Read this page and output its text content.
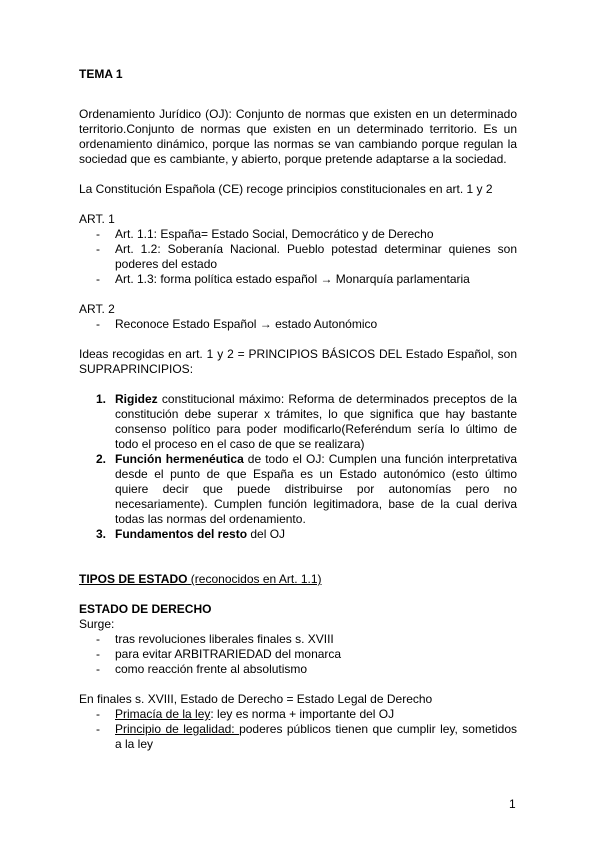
TEMA 1

Ordenamiento Jurídico (OJ): Conjunto de normas que existen en un determinado territorio.Conjunto de normas que existen en un determinado territorio. Es un ordenamiento dinámico, porque las normas se van cambiando porque regulan la sociedad que es cambiante, y abierto, porque pretende adaptarse a la sociedad.

La Constitución Española (CE) recoge principios constitucionales en art. 1 y 2

ART. 1

- Art. 1.1: España= Estado Social, Democrático y de Derecho
- Art. 1.2: Soberanía Nacional. Pueblo potestad determinar quienes son poderes del estado
- Art. 1.3: forma política estado español → Monarquía parlamentaria

ART. 2

- Reconoce Estado Español → estado Autonómico

Ideas recogidas en art. 1 y 2 = PRINCIPIOS BÁSICOS DEL Estado Español, son SUPRAPRINCIPIOS:

1. Rigidez constitucional máximo: Reforma de determinados preceptos de la constitución debe superar x trámites, lo que significa que hay bastante consenso político para poder modificarlo(Referéndum sería lo último de todo el proceso en el caso de que se realizara)
2. Función hermenéutica de todo el OJ: Cumplen una función interpretativa desde el punto de que España es un Estado autonómico (esto último quiere decir que puede distribuirse por autonomías pero no necesariamente). Cumplen función legitimadora, base de la cual deriva todas las normas del ordenamiento.
3. Fundamentos del resto del OJ

TIPOS DE ESTADO (reconocidos en Art. 1.1)

ESTADO DE DERECHO

Surge:

- tras revoluciones liberales finales s. XVIII
- para evitar ARBITRARIEDAD del monarca
- como reacción frente al absolutismo

En finales s. XVIII, Estado de Derecho = Estado Legal de Derecho

- Primacía de la ley: ley es norma + importante del OJ
- Principio de legalidad: poderes públicos tienen que cumplir ley, sometidos a la ley
1
